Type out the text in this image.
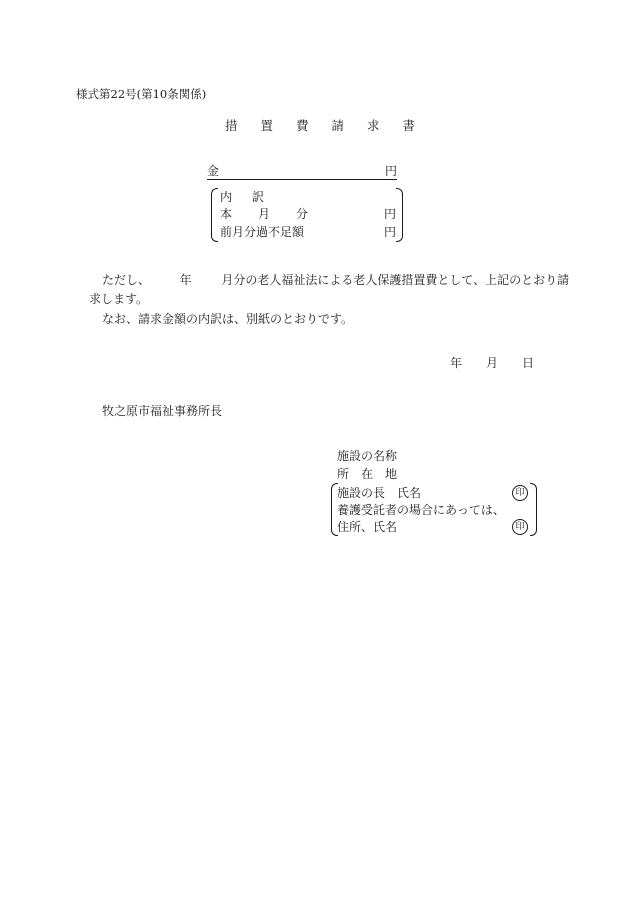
様式第22号(第10条関係)
措 置 費 請 求 書
金	円
内 訳
本 月 分	円
前月分過不足額	円
ただし、 年 月分の老人福祉法による老人保護措置費として、上記のとおり請
求します。
なお、請求金額の内訳は、別紙のとおりです。
年 月 日
牧之原市福祉事務所長
施設の名称
所 在 地
施設の長　氏名	印
養護受託者の場合にあっては、
住所、氏名	印
